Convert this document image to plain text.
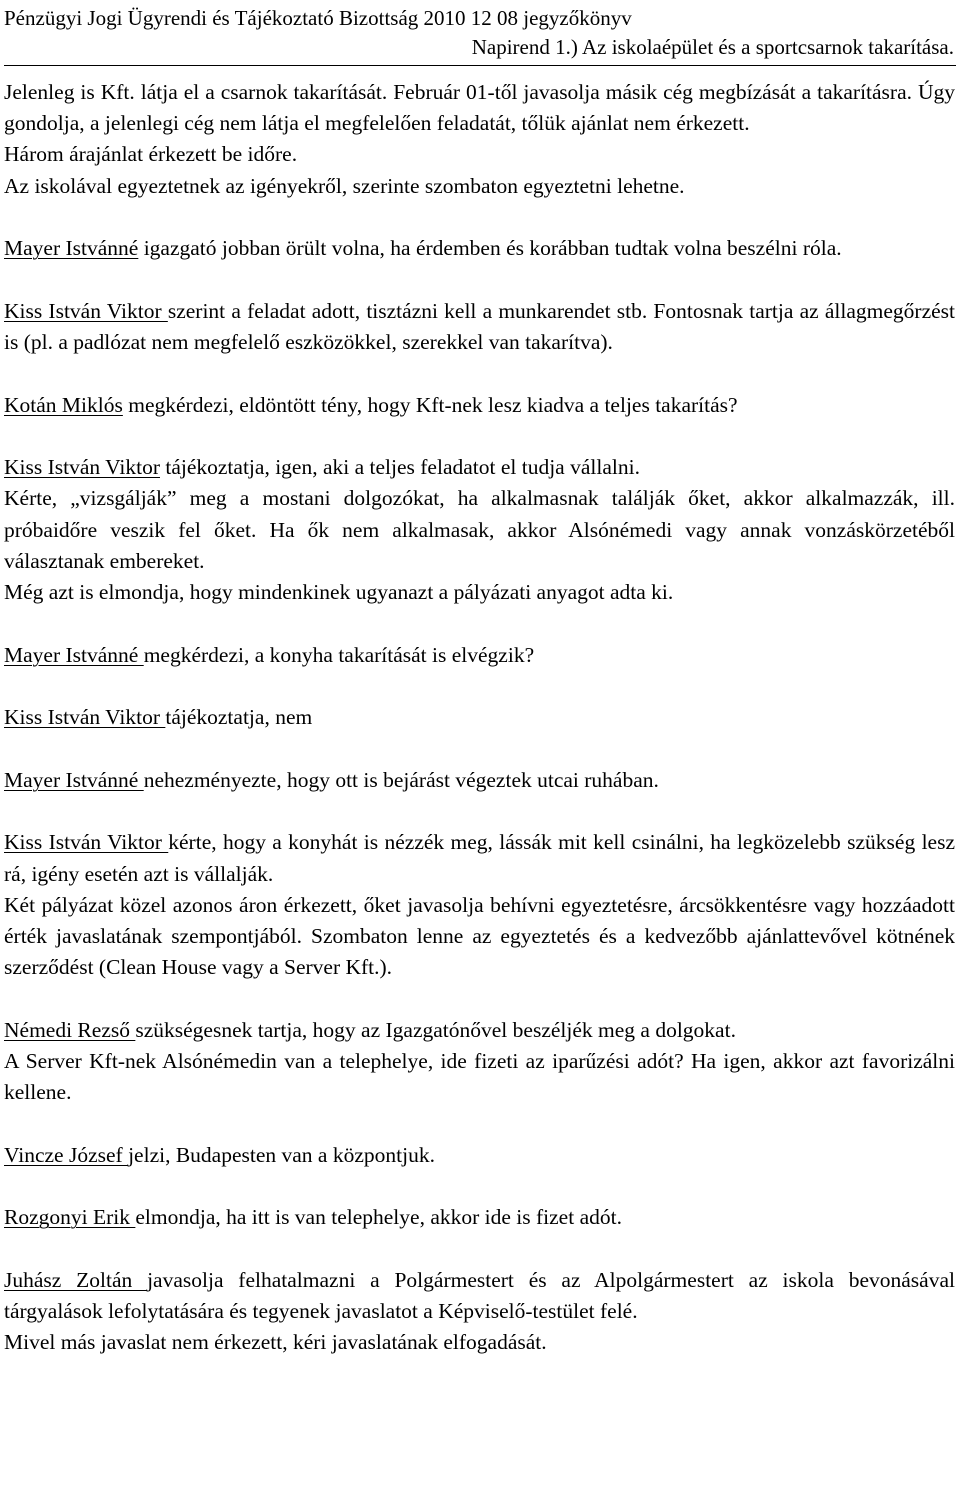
Pénzügyi Jogi Ügyrendi és Tájékoztató Bizottság 2010 12 08 jegyzőkönyv
Napirend 1.) Az iskolaépület és a sportcsarnok takarítása.

Jelenleg is Kft. látja el a csarnok takarítását. Február 01-től javasolja másik cég megbízását a takarításra. Úgy gondolja, a jelenlegi cég nem látja el megfelelően feladatát, tőlük ajánlat nem érkezett.

Három árajánlat érkezett be időre.

Az iskolával egyeztetnek az igényekről, szerinte szombaton egyeztetni lehetne.

Mayer Istvánné igazgató jobban örült volna, ha érdemben és korábban tudtak volna beszélni róla.

Kiss István Viktor szerint a feladat adott, tisztázni kell a munkarendet stb. Fontosnak tartja az állagmegőrzést is (pl. a padlózat nem megfelelő eszközökkel, szerekkel van takarítva).

Kotán Miklós megkérdezi, eldöntött tény, hogy Kft-nek lesz kiadva a teljes takarítás?

Kiss István Viktor tájékoztatja, igen, aki a teljes feladatot el tudja vállalni.

Kérte, „vizsgálják” meg a mostani dolgozókat, ha alkalmasnak találják őket, akkor alkalmazzák, ill. próbaidőre veszik fel őket. Ha ők nem alkalmasak, akkor Alsónémedi vagy annak vonzáskörzetéből választanak embereket.

Még azt is elmondja, hogy mindenkinek ugyanazt a pályázati anyagot adta ki.

Mayer Istvánné megkérdezi, a konyha takarítását is elvégzik?

Kiss István Viktor tájékoztatja, nem

Mayer Istvánné nehezményezte, hogy ott is bejárást végeztek utcai ruhában.

Kiss István Viktor kérte, hogy a konyhát is nézzék meg, lássák mit kell csinálni, ha legközelebb szükség lesz rá, igény esetén azt is vállalják.

Két pályázat közel azonos áron érkezett, őket javasolja behívni egyeztetésre, árcsökkentésre vagy hozzáadott érték javaslatának szempontjából. Szombaton lenne az egyeztetés és a kedvezőbb ajánlattevővel kötnének szerződést (Clean House vagy a Server Kft.).

Némedi Rezső szükségesnek tartja, hogy az Igazgatónővel beszéljék meg a dolgokat.

A Server Kft-nek Alsónémedin van a telephelye, ide fizeti az iparűzési adót? Ha igen, akkor azt favorizálni kellene.

Vincze József jelzi, Budapesten van a központjuk.

Rozgonyi Erik elmondja, ha itt is van telephelye, akkor ide is fizet adót.

Juhász Zoltán javasolja felhatalmazni a Polgármestert és az Alpolgármestert az iskola bevonásával tárgyalások lefolytatására és tegyenek javaslatot a Képviselő-testület felé.

Mivel más javaslat nem érkezett, kéri javaslatának elfogadását.
